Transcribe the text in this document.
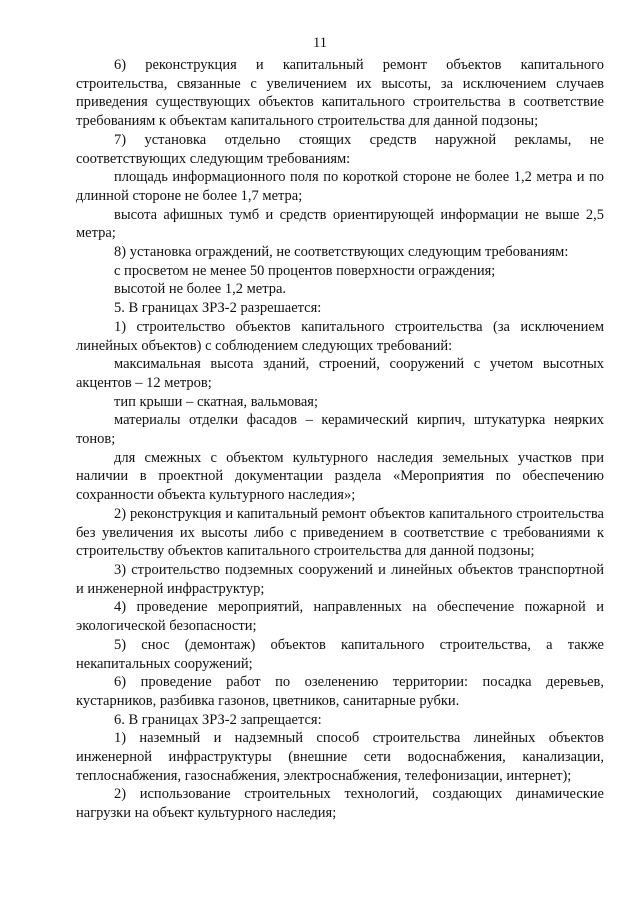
11

6) реконструкция и капитальный ремонт объектов капитального строительства, связанные с увеличением их высоты, за исключением случаев приведения существующих объектов капитального строительства в соответствие требованиям к объектам капитального строительства для данной подзоны;

7) установка отдельно стоящих средств наружной рекламы, не соответствующих следующим требованиям:

площадь информационного поля по короткой стороне не более 1,2 метра и по длинной стороне не более 1,7 метра;

высота афишных тумб и средств ориентирующей информации не выше 2,5 метра;

8) установка ограждений, не соответствующих следующим требованиям:

с просветом не менее 50 процентов поверхности ограждения;

высотой не более 1,2 метра.

5. В границах ЗРЗ-2 разрешается:

1) строительство объектов капитального строительства (за исключением линейных объектов) с соблюдением следующих требований:

максимальная высота зданий, строений, сооружений с учетом высотных акцентов – 12 метров;

тип крыши – скатная, вальмовая;

материалы отделки фасадов – керамический кирпич, штукатурка неярких тонов;

для смежных с объектом культурного наследия земельных участков при наличии в проектной документации раздела «Мероприятия по обеспечению сохранности объекта культурного наследия»;

2) реконструкция и капитальный ремонт объектов капитального строительства без увеличения их высоты либо с приведением в соответствие с требованиями к строительству объектов капитального строительства для данной подзоны;

3) строительство подземных сооружений и линейных объектов транспортной и инженерной инфраструктур;

4) проведение мероприятий, направленных на обеспечение пожарной и экологической безопасности;

5) снос (демонтаж) объектов капитального строительства, а также некапитальных сооружений;

6) проведение работ по озеленению территории: посадка деревьев, кустарников, разбивка газонов, цветников, санитарные рубки.

6. В границах ЗРЗ-2 запрещается:

1) наземный и надземный способ строительства линейных объектов инженерной инфраструктуры (внешние сети водоснабжения, канализации, теплоснабжения, газоснабжения, электроснабжения, телефонизации, интернет);

2) использование строительных технологий, создающих динамические нагрузки на объект культурного наследия;
